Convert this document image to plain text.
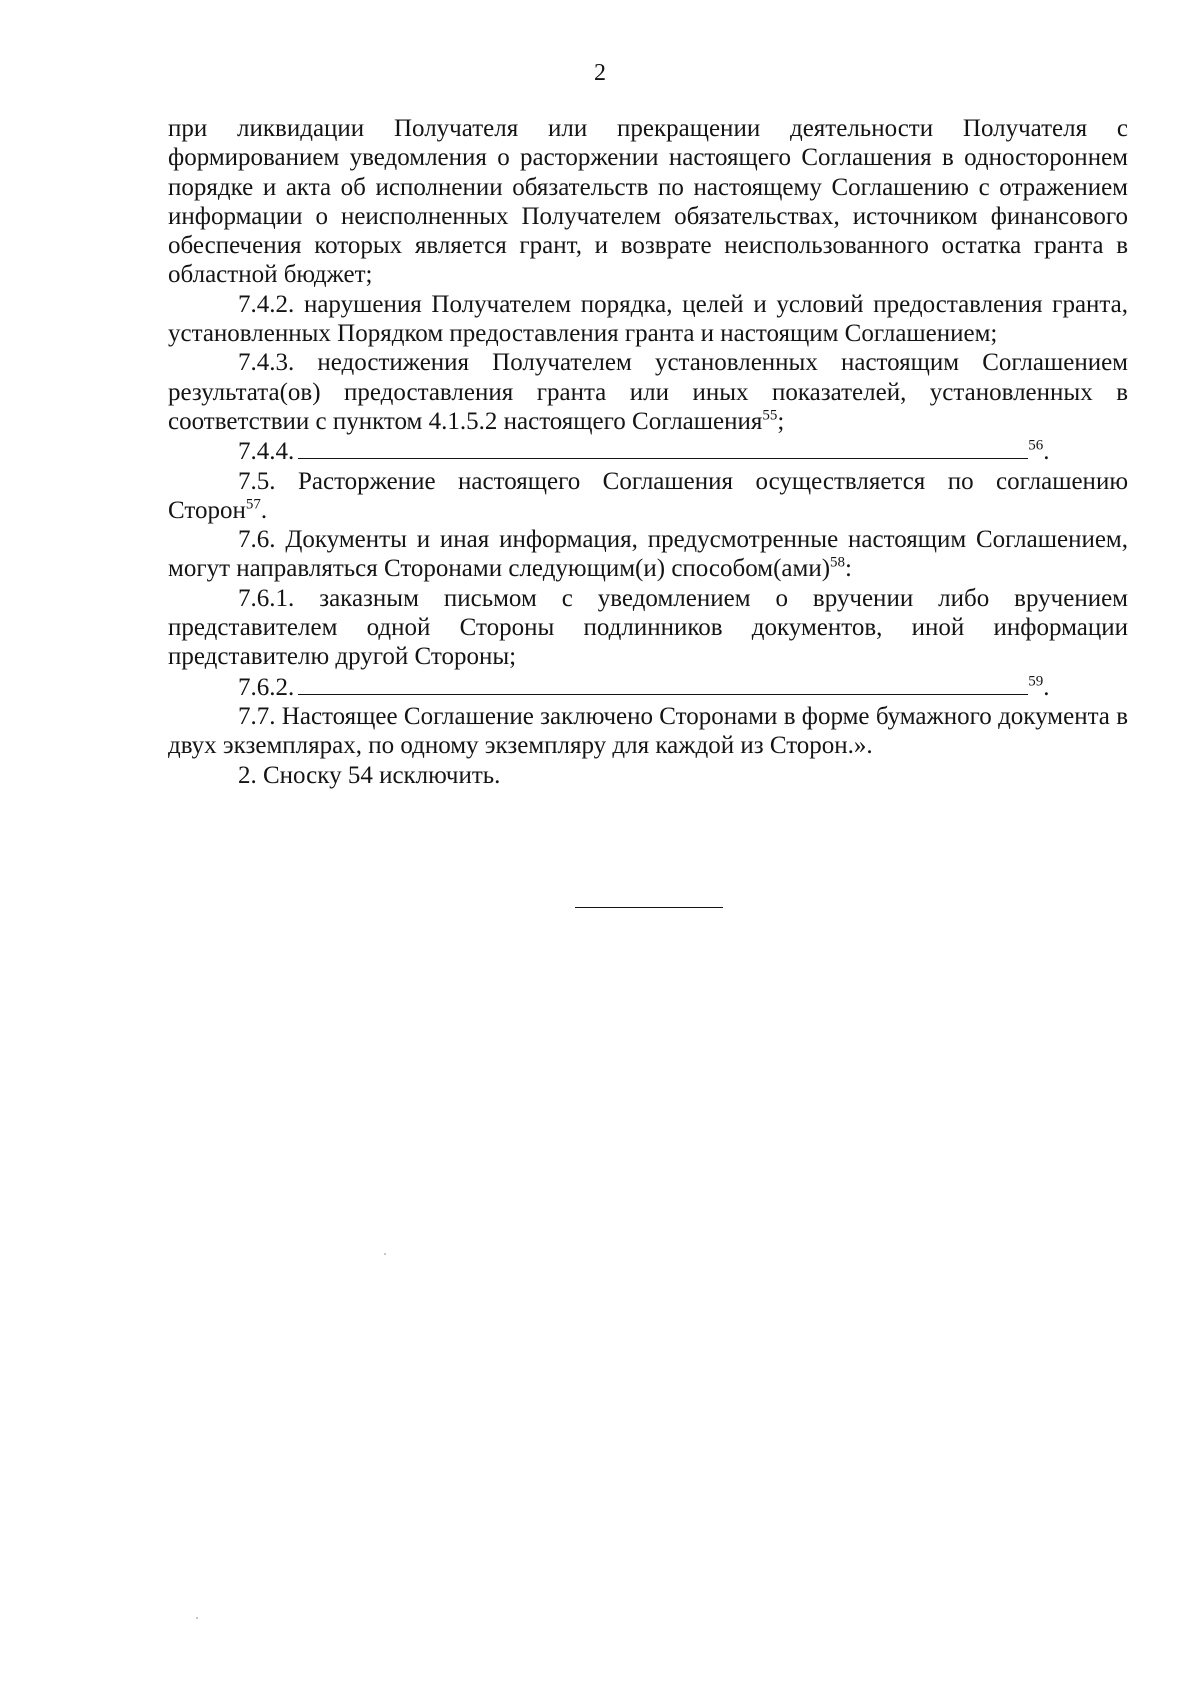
2

при ликвидации Получателя или прекращении деятельности Получателя с формированием уведомления о расторжении настоящего Соглашения в одностороннем порядке и акта об исполнении обязательств по настоящему Соглашению с отражением информации о неисполненных Получателем обязательствах, источником финансового обеспечения которых является грант, и возврате неиспользованного остатка гранта в областной бюджет;

7.4.2. нарушения Получателем порядка, целей и условий предоставления гранта, установленных Порядком предоставления гранта и настоящим Соглашением;

7.4.3. недостижения Получателем установленных настоящим Соглашением результата(ов) предоставления гранта или иных показателей, установленных в соответствии с пунктом 4.1.5.2 настоящего Соглашения$^{55}$;

7.4.4.	$^{56}$.

7.5. Расторжение настоящего Соглашения осуществляется по соглашению Сторон$^{57}$.

7.6. Документы и иная информация, предусмотренные настоящим Соглашением, могут направляться Сторонами следующим(и) способом(ами)$^{58}$:

7.6.1. заказным письмом с уведомлением о вручении либо вручением представителем одной Стороны подлинников документов, иной информации представителю другой Стороны;

7.6.2.	$^{59}$.

7.7. Настоящее Соглашение заключено Сторонами в форме бумажного документа в двух экземплярах, по одному экземпляру для каждой из Сторон.».

2. Сноску 54 исключить.
